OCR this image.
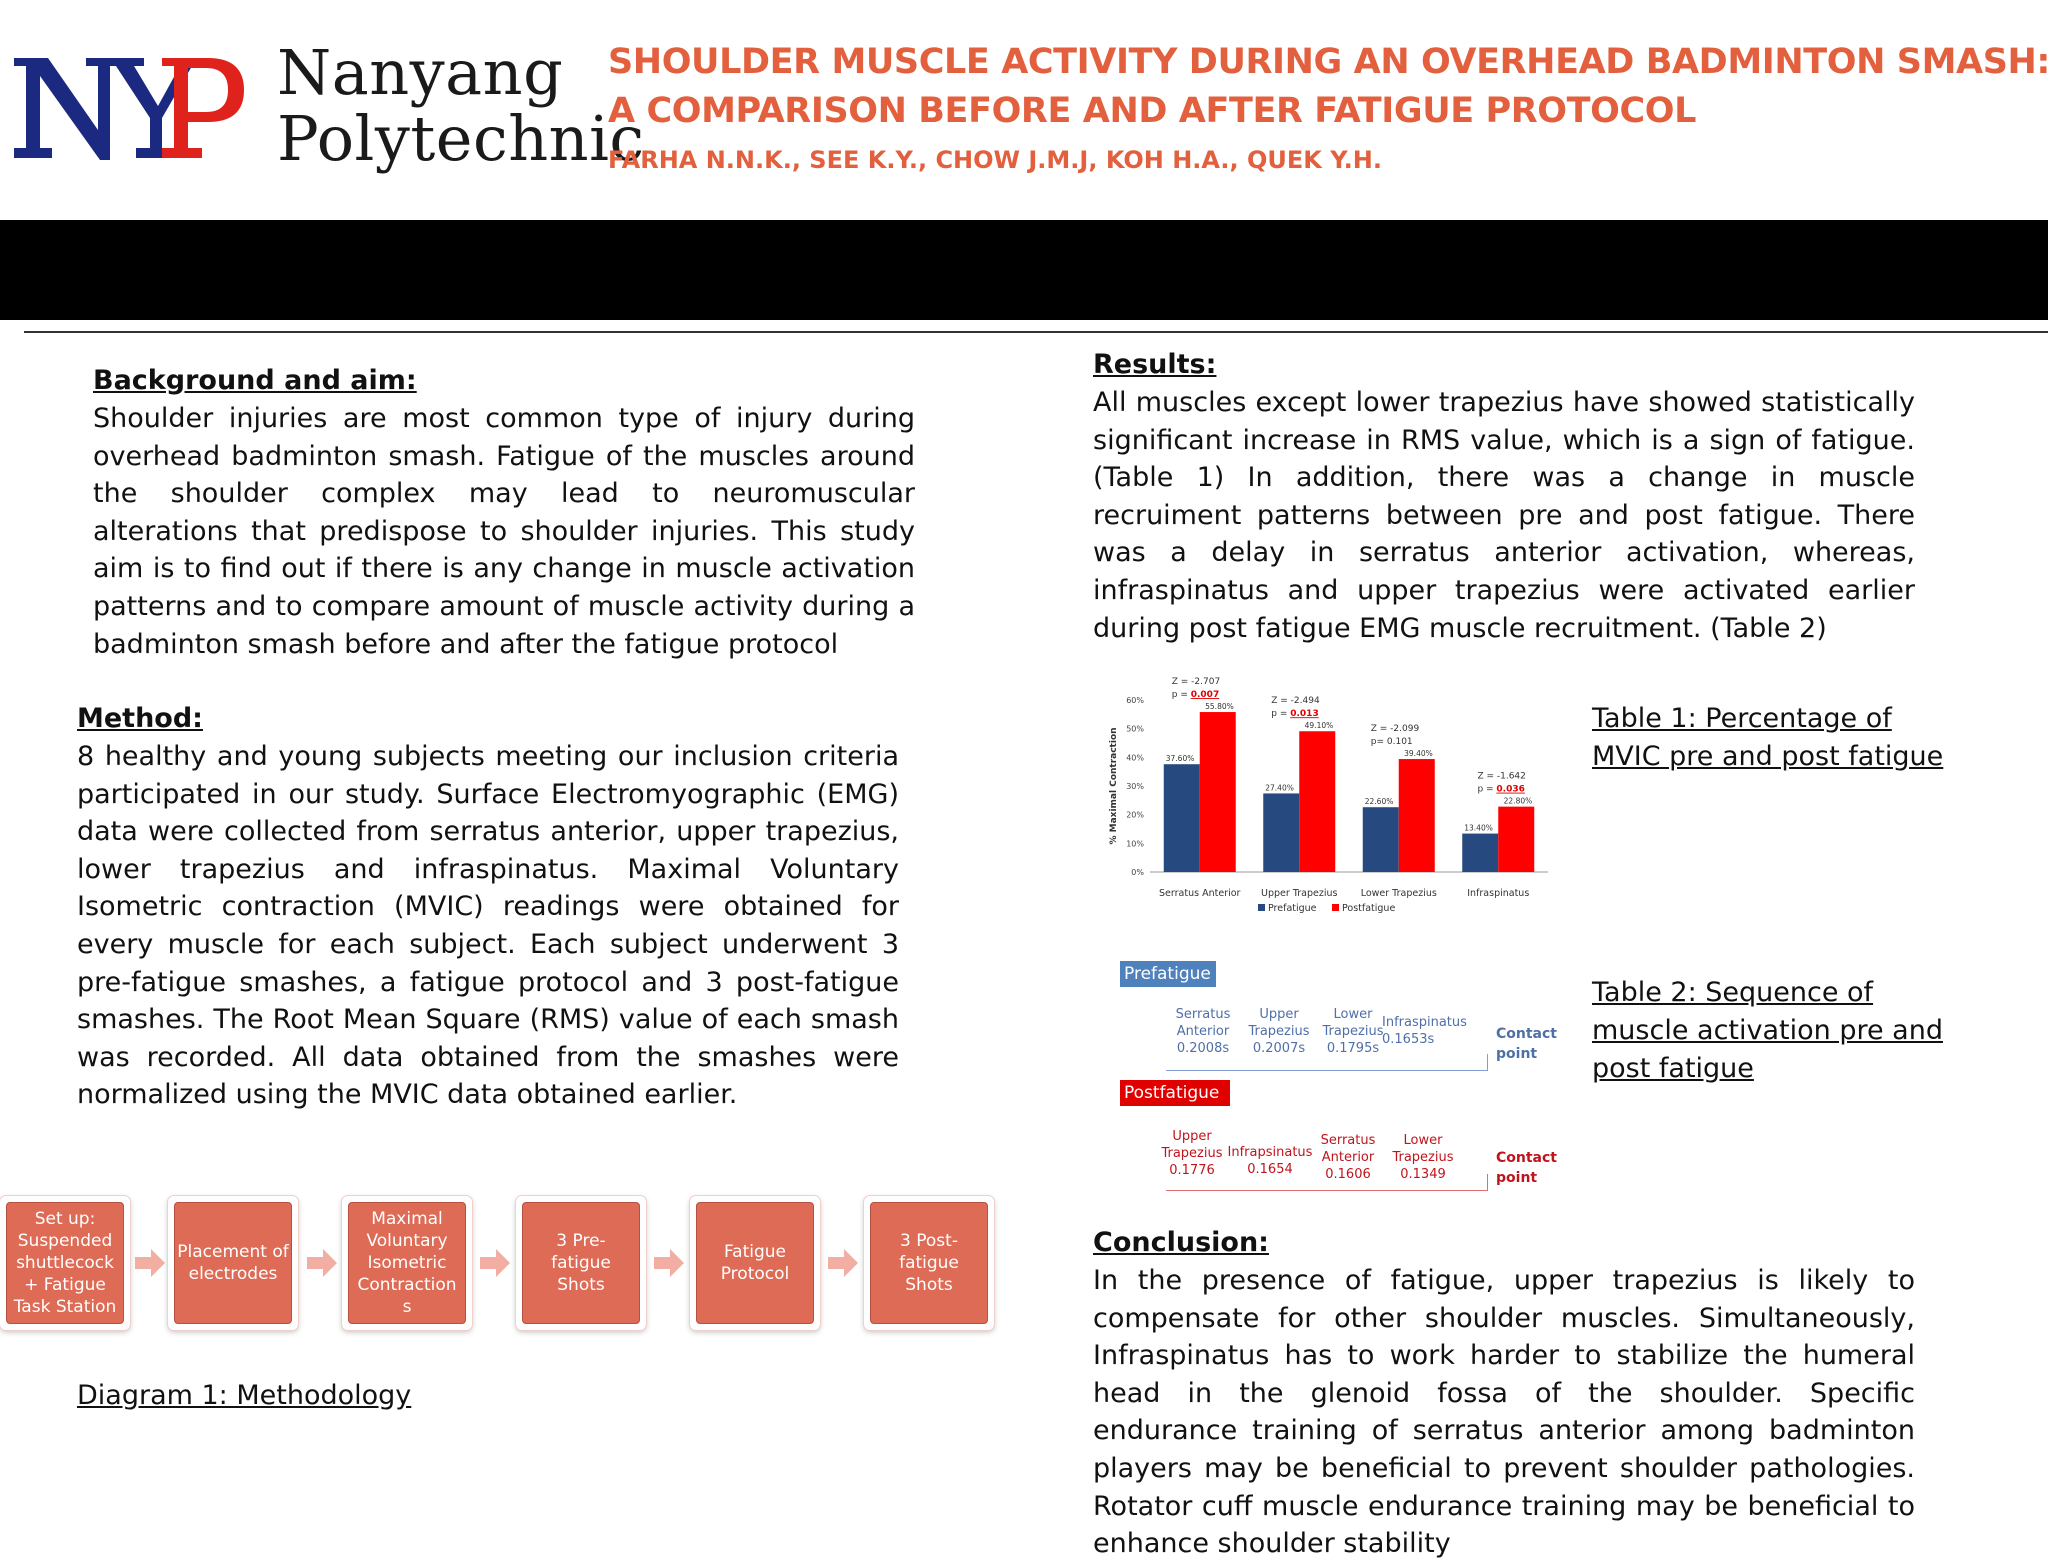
Nanyang
Polytechnic
SHOULDER MUSCLE ACTIVITY DURING AN OVERHEAD BADMINTON SMASH:
A COMPARISON BEFORE AND AFTER FATIGUE PROTOCOL
FARHA N.N.K., SEE K.Y., CHOW J.M.J, KOH H.A., QUEK Y.H.
Background and aim:
Shoulder injuries are most common type of injury during overhead badminton smash. Fatigue of the muscles around the shoulder complex may lead to neuromuscular alterations that predispose to shoulder injuries. This study aim is to find out if there is any change in muscle activation patterns and to compare amount of muscle activity during a badminton smash before and after the fatigue protocol
Method:
8 healthy and young subjects meeting our inclusion criteria participated in our study. Surface Electromyographic (EMG) data were collected from serratus anterior, upper trapezius, lower trapezius and infraspinatus. Maximal Voluntary Isometric contraction (MVIC) readings were obtained for every muscle for each subject. Each subject underwent 3 pre-fatigue smashes, a fatigue protocol and 3 post-fatigue smashes. The Root Mean Square (RMS) value of each smash was recorded. All data obtained from the smashes were normalized using the MVIC data obtained earlier.
Set up: Suspended shuttlecock + Fatigue Task Station
Placement of electrodes
Maximal Voluntary Isometric Contraction s
3 Pre- fatigue Shots
Fatigue Protocol
3 Post- fatigue Shots
Diagram 1: Methodology
Results:
All muscles except lower trapezius have showed statistically significant increase in RMS value, which is a sign of fatigue. (Table 1) In addition, there was a change in muscle recruiment patterns between pre and post fatigue. There was a delay in serratus anterior activation, whereas, infraspinatus and upper trapezius were activated earlier during post fatigue EMG muscle recruitment. (Table 2)
% Maximal Contraction
0%
10%
20%
30%
40%
50%
60%
37.60%
55.80%
Serratus Anterior
Z = -2.707
p = 0.007
27.40%
49.10%
Upper Trapezius
Z = -2.494
p = 0.013
22.60%
39.40%
Lower Trapezius
Z = -2.099
p= 0.101
13.40%
22.80%
Infraspinatus
Z = -1.642
p = 0.036
Prefatigue	Postfatigue
Table 1: Percentage of MVIC pre and post fatigue
Prefatigue
Serratus
Anterior
0.2008s
Upper
Trapezius
0.2007s
Lower
Trapezius
0.1795s
Infraspinatus
0.1653s	Contact
point
Postfatigue
Upper
Trapezius
0.1776
Infrapsinatus
0.1654
Serratus
Anterior
0.1606
Lower
Trapezius
0.1349
Contact
point
Table 2: Sequence of muscle activation pre and post fatigue
Conclusion:
In the presence of fatigue, upper trapezius is likely to compensate for other shoulder muscles. Simultaneously, Infraspinatus has to work harder to stabilize the humeral head in the glenoid fossa of the shoulder. Specific endurance training of serratus anterior among badminton players may be beneficial to prevent shoulder pathologies. Rotator cuff muscle endurance training may be beneficial to enhance shoulder stability
